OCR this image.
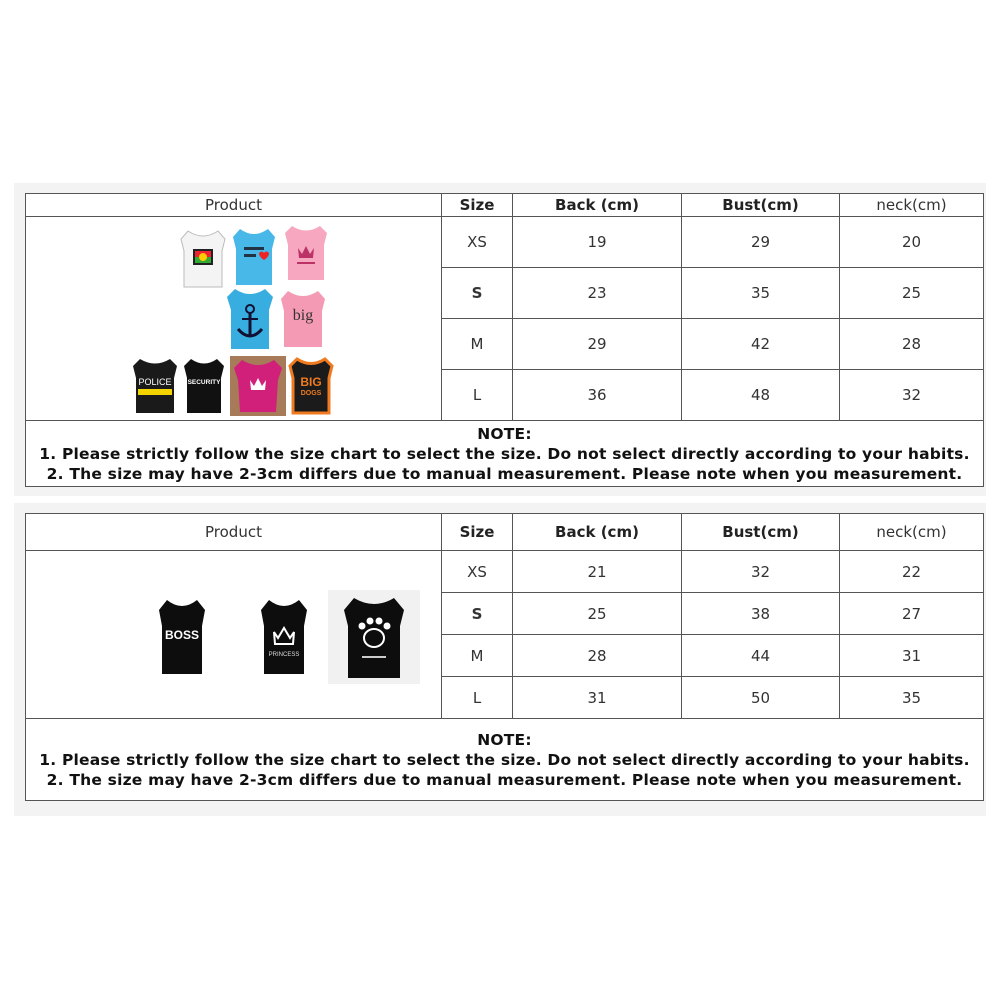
Product	Size	Back (cm)	Bust(cm)	neck(cm)

big
POLICE SECURITY BIG
DOGS	XS	19	29	20
	S	23	35	25
	M	29	42	28
	L	36	48	32

NOTE:
1. Please strictly follow the size chart to select the size. Do not select directly according to your habits.
2. The size may have 2-3cm differs due to manual measurement. Please note when you measurement.				
Product	Size	Back (cm)	Bust(cm)	neck(cm)

BOSS
PRINCESS	XS	21	32	22
	S	25	38	27
	M	28	44	31
	L	31	50	35

NOTE:
1. Please strictly follow the size chart to select the size. Do not select directly according to your habits.
2. The size may have 2-3cm differs due to manual measurement. Please note when you measurement.				
